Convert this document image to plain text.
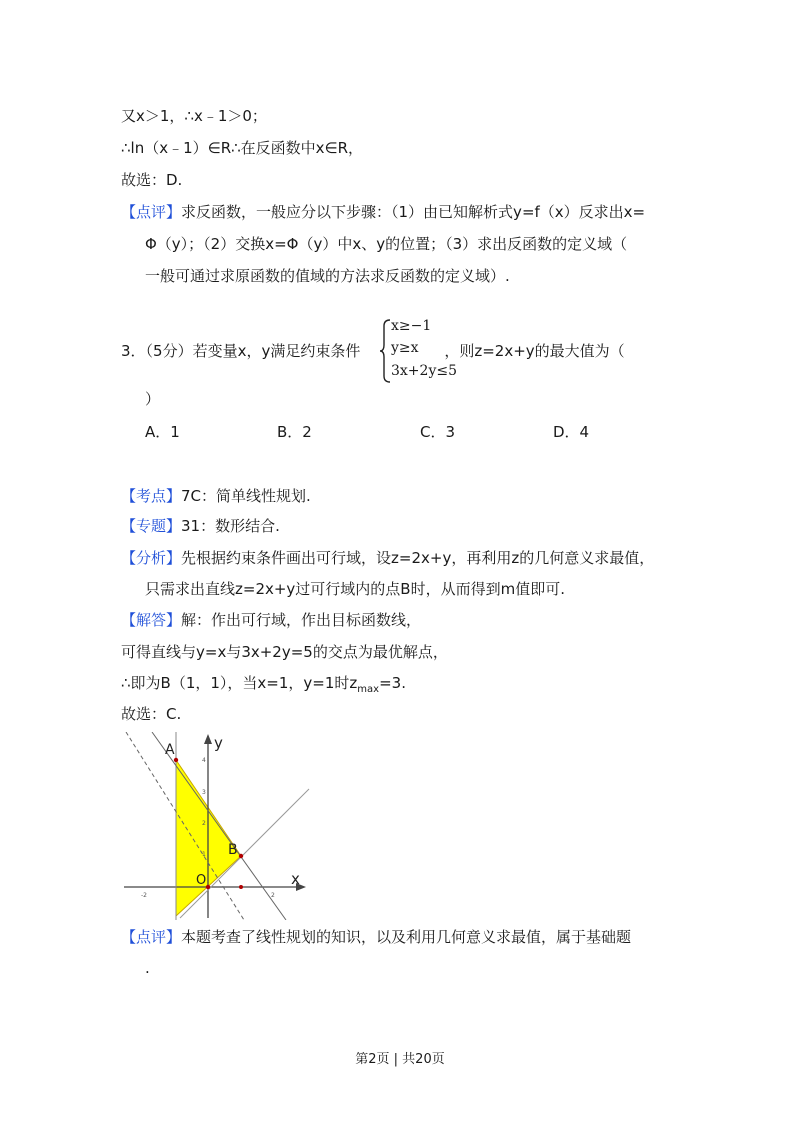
又x＞1，∴x﹣1＞0；
∴ln（x﹣1）∈R∴在反函数中x∈R，
故选：D.
【点评】求反函数，一般应分以下步骤：（1）由已知解析式y=f（x）反求出x=
Φ（y）；（2）交换x=Φ（y）中x、y的位置；（3）求出反函数的定义域（
一般可通过求原函数的值域的方法求反函数的定义域）.
3．（5分）若变量x，y满足约束条件	，则z=2x+y的最大值为（
x≥−1
y≥x
3x+2y≤5
）
A．1	B．2	C．3	D．4
【考点】7C：简单线性规划.
【专题】31：数形结合.
【分析】先根据约束条件画出可行域，设z=2x+y，再利用z的几何意义求最值，
只需求出直线z=2x+y过可行域内的点B时，从而得到m值即可.
【解答】解：作出可行域，作出目标函数线，
可得直线与y=x与3x+2y=5的交点为最优解点，
∴即为B（1，1），当x=1，y=1时$z_{max}=3$.
故选：C.
A
B
O	x
y
4
3
2
1
-2	2
【点评】本题考查了线性规划的知识，以及利用几何意义求最值，属于基础题
.
第2页 | 共20页
